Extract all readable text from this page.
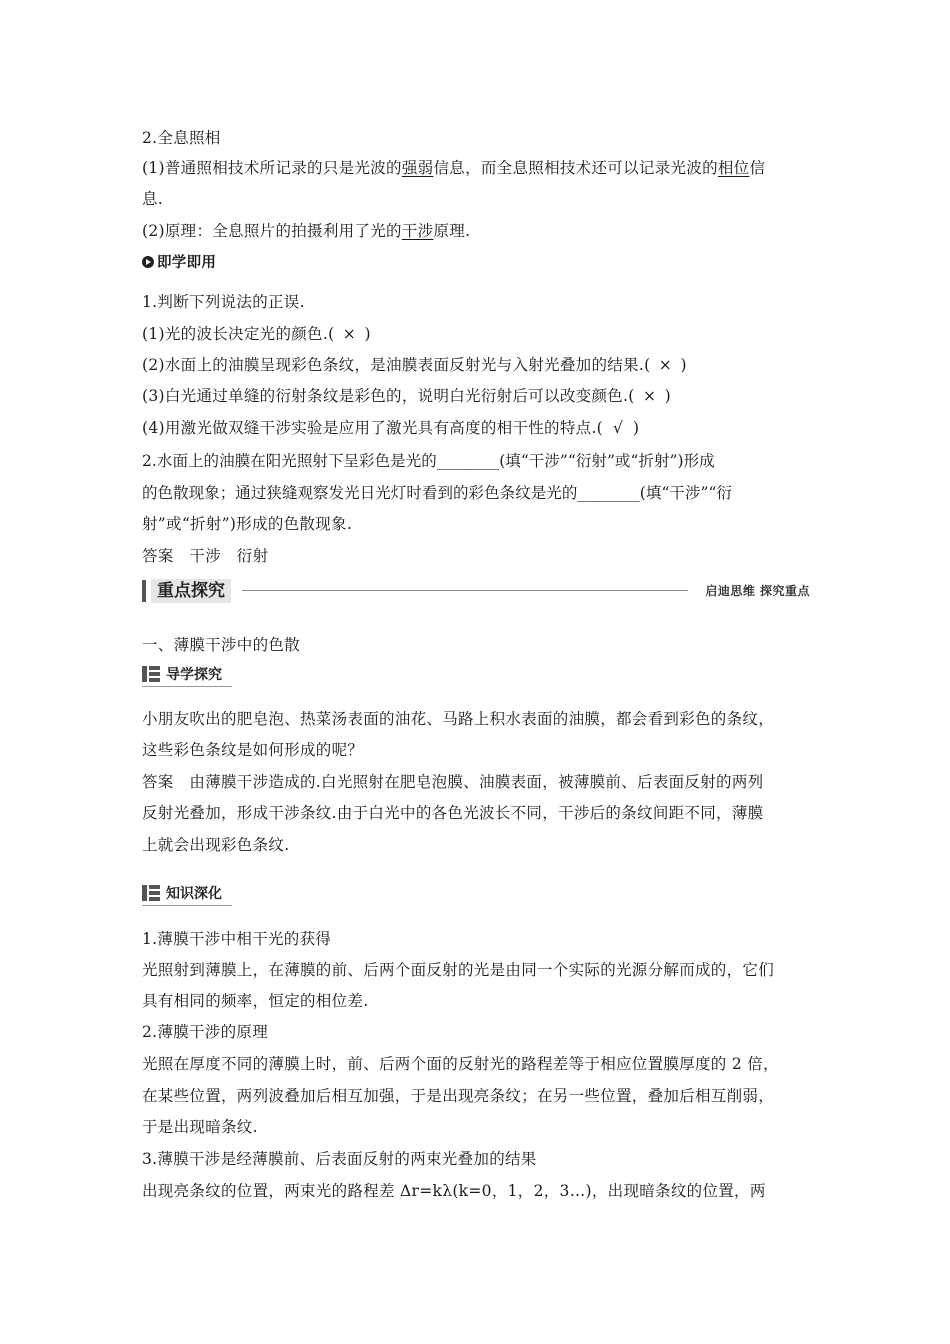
2.全息照相
(1)普通照相技术所记录的只是光波的强弱信息，而全息照相技术还可以记录光波的相位信
息.
(2)原理：全息照片的拍摄利用了光的干涉原理.
即学即用
1.判断下列说法的正误.
(1)光的波长决定光的颜色.( × )
(2)水面上的油膜呈现彩色条纹，是油膜表面反射光与入射光叠加的结果.( × )
(3)白光通过单缝的衍射条纹是彩色的，说明白光衍射后可以改变颜色.( × )
(4)用激光做双缝干涉实验是应用了激光具有高度的相干性的特点.( √ )
2.水面上的油膜在阳光照射下呈彩色是光的________(填“干涉”“衍射”或“折射”)形成
的色散现象；通过狭缝观察发光日光灯时看到的彩色条纹是光的________(填“干涉”“衍
射”或“折射”)形成的色散现象.
答案　干涉　衍射
重点探究	启迪思维 探究重点
一、薄膜干涉中的色散
导学探究
小朋友吹出的肥皂泡、热菜汤表面的油花、马路上积水表面的油膜，都会看到彩色的条纹，
这些彩色条纹是如何形成的呢？
答案　由薄膜干涉造成的.白光照射在肥皂泡膜、油膜表面，被薄膜前、后表面反射的两列
反射光叠加，形成干涉条纹.由于白光中的各色光波长不同，干涉后的条纹间距不同，薄膜
上就会出现彩色条纹.
知识深化
1.薄膜干涉中相干光的获得
光照射到薄膜上，在薄膜的前、后两个面反射的光是由同一个实际的光源分解而成的，它们
具有相同的频率，恒定的相位差.
2.薄膜干涉的原理
光照在厚度不同的薄膜上时，前、后两个面的反射光的路程差等于相应位置膜厚度的 2 倍，
在某些位置，两列波叠加后相互加强，于是出现亮条纹；在另一些位置，叠加后相互削弱，
于是出现暗条纹.
3.薄膜干涉是经薄膜前、后表面反射的两束光叠加的结果
出现亮条纹的位置，两束光的路程差 Δr=kλ(k=0，1，2，3…)，出现暗条纹的位置，两
